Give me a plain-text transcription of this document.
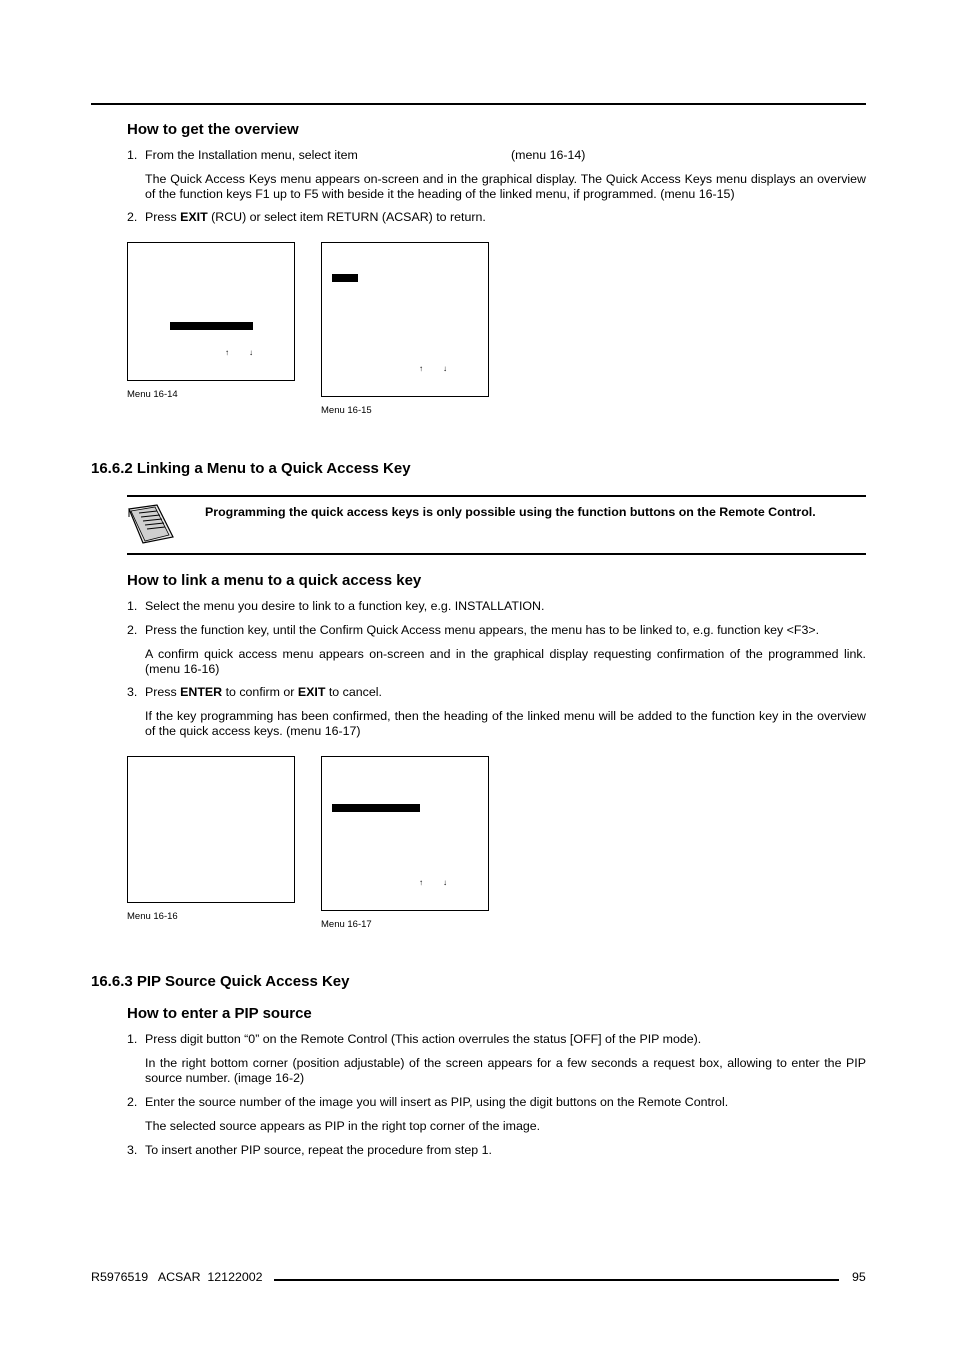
How to get the overview
1. From the Installation menu, select item	(menu 16-14)
The Quick Access Keys menu appears on-screen and in the graphical display. The Quick Access Keys menu displays an overview of the function keys F1 up to F5 with beside it the heading of the linked menu, if programmed. (menu 16-15)
2. Press EXIT (RCU) or select item RETURN (ACSAR) to return.
↑	↓
Menu 16-14
↑	↓
Menu 16-15
16.6.2 Linking a Menu to a Quick Access Key
Programming the quick access keys is only possible using the function buttons on the Remote Control.
How to link a menu to a quick access key
1. Select the menu you desire to link to a function key, e.g. INSTALLATION.
2. Press the function key, until the Confirm Quick Access menu appears, the menu has to be linked to, e.g. function key <F3>.
A confirm quick access menu appears on-screen and in the graphical display requesting confirmation of the programmed link. (menu 16-16)
3. Press ENTER to confirm or EXIT to cancel.
If the key programming has been confirmed, then the heading of the linked menu will be added to the function key in the overview of the quick access keys. (menu 16-17)
Menu 16-16
↑	↓
Menu 16-17
16.6.3 PIP Source Quick Access Key
How to enter a PIP source
1. Press digit button “0” on the Remote Control (This action overrules the status [OFF] of the PIP mode).
In the right bottom corner (position adjustable) of the screen appears for a few seconds a request box, allowing to enter the PIP source number. (image 16-2)
2. Enter the source number of the image you will insert as PIP, using the digit buttons on the Remote Control.
The selected source appears as PIP in the right top corner of the image.
3. To insert another PIP source, repeat the procedure from step 1.
R5976519   ACSAR  12122002	95
